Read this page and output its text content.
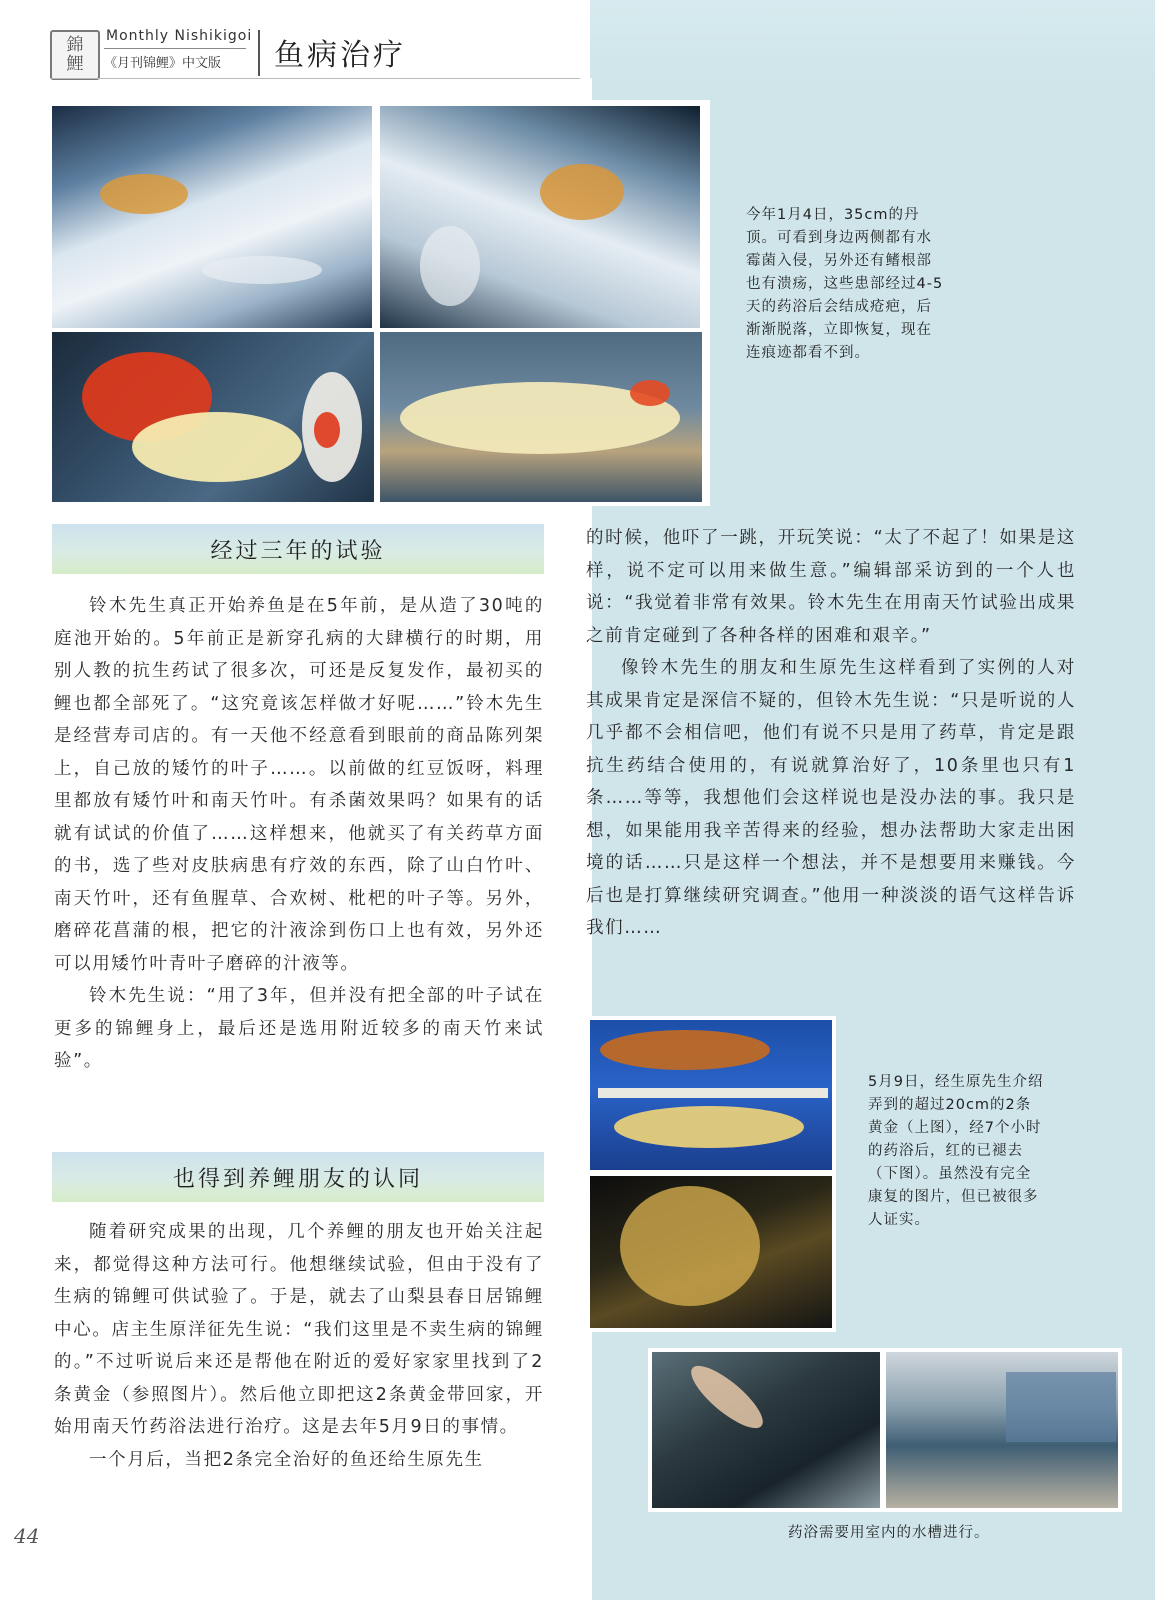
錦
鯉
Monthly Nishikigoi
《月刊锦鲤》中文版 鱼病治疗
今年1月4日，35cm的丹顶。可看到身边两侧都有水霉菌入侵，另外还有鳍根部也有溃疡，这些患部经过4-5天的药浴后会结成疮疤，后渐渐脱落，立即恢复，现在连痕迹都看不到。
经过三年的试验

铃木先生真正开始养鱼是在5年前，是从造了30吨的庭池开始的。5年前正是新穿孔病的大肆横行的时期，用别人教的抗生药试了很多次，可还是反复发作，最初买的鲤也都全部死了。“这究竟该怎样做才好呢……”铃木先生是经营寿司店的。有一天他不经意看到眼前的商品陈列架上，自己放的矮竹的叶子……。以前做的红豆饭呀，料理里都放有矮竹叶和南天竹叶。有杀菌效果吗？如果有的话就有试试的价值了……这样想来，他就买了有关药草方面的书，选了些对皮肤病患有疗效的东西，除了山白竹叶、南天竹叶，还有鱼腥草、合欢树、枇杷的叶子等。另外，磨碎花菖蒲的根，把它的汁液涂到伤口上也有效，另外还可以用矮竹叶青叶子磨碎的汁液等。

铃木先生说：“用了3年，但并没有把全部的叶子试在更多的锦鲤身上，最后还是选用附近较多的南天竹来试验”。

也得到养鲤朋友的认同

随着研究成果的出现，几个养鲤的朋友也开始关注起来，都觉得这种方法可行。他想继续试验，但由于没有了生病的锦鲤可供试验了。于是，就去了山梨县春日居锦鲤中心。店主生原洋征先生说：“我们这里是不卖生病的锦鲤的。”不过听说后来还是帮他在附近的爱好家家里找到了2条黄金（参照图片）。然后他立即把这2条黄金带回家，开始用南天竹药浴法进行治疗。这是去年5月9日的事情。

一个月后，当把2条完全治好的鱼还给生原先生

的时候，他吓了一跳，开玩笑说：“太了不起了！如果是这样，说不定可以用来做生意。”编辑部采访到的一个人也说：“我觉着非常有效果。铃木先生在用南天竹试验出成果之前肯定碰到了各种各样的困难和艰辛。”

像铃木先生的朋友和生原先生这样看到了实例的人对其成果肯定是深信不疑的，但铃木先生说：“只是听说的人几乎都不会相信吧，他们有说不只是用了药草，肯定是跟抗生药结合使用的，有说就算治好了，10条里也只有1条……等等，我想他们会这样说也是没办法的事。我只是想，如果能用我辛苦得来的经验，想办法帮助大家走出困境的话……只是这样一个想法，并不是想要用来赚钱。今后也是打算继续研究调查。”他用一种淡淡的语气这样告诉我们……

5月9日，经生原先生介绍弄到的超过20cm的2条黄金（上图），经7个小时的药浴后，红的已褪去（下图）。虽然没有完全康复的图片，但已被很多人证实。
药浴需要用室内的水槽进行。
44
